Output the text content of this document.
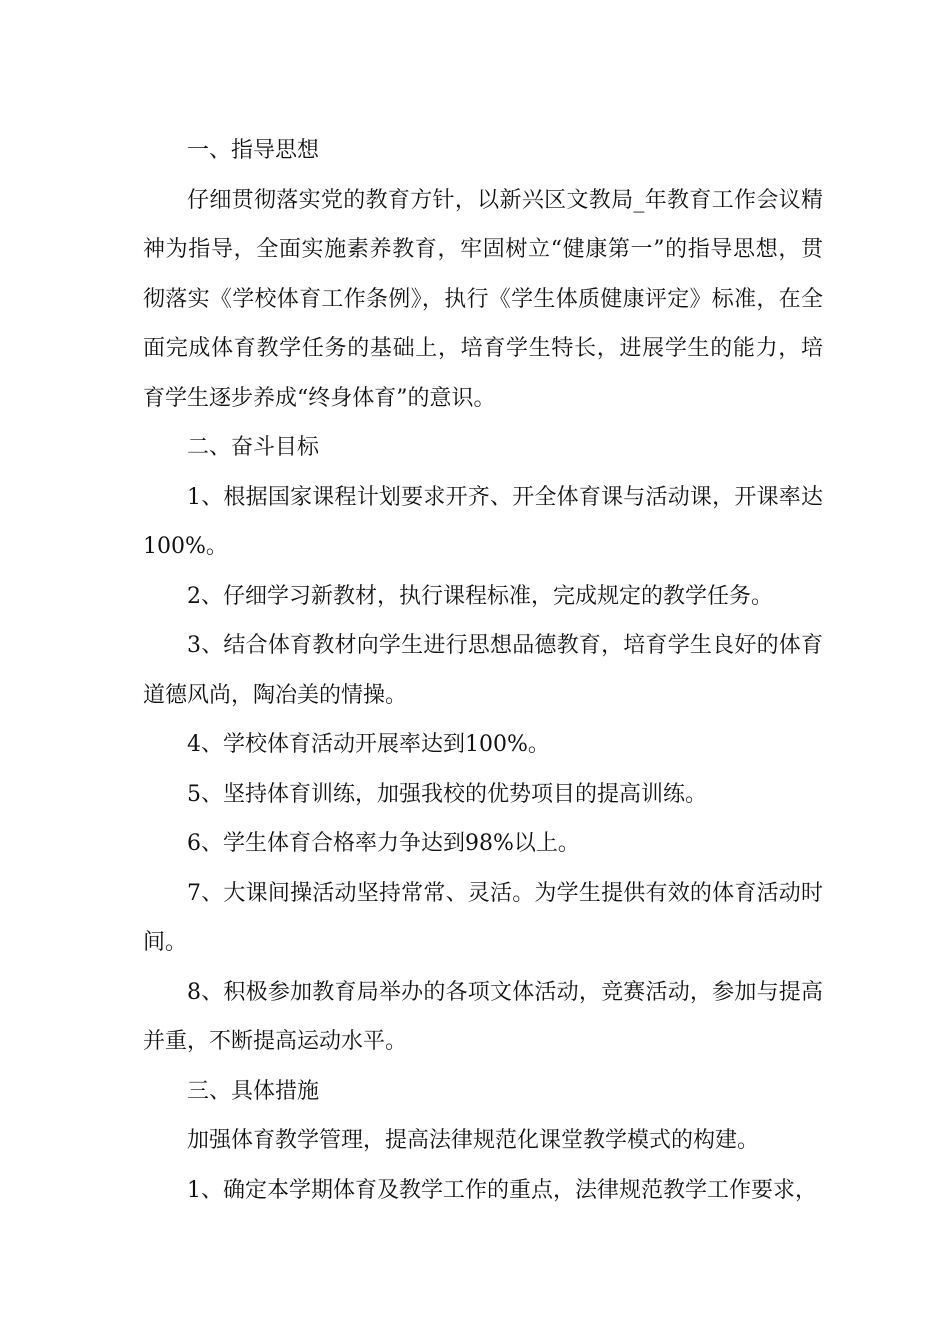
一、指导思想

仔细贯彻落实党的教育方针，以新兴区文教局_年教育工作会议精神为指导，全面实施素养教育，牢固树立“健康第一”的指导思想，贯彻落实《学校体育工作条例》，执行《学生体质健康评定》标准，在全面完成体育教学任务的基础上，培育学生特长，进展学生的能力，培育学生逐步养成“终身体育”的意识。

二、奋斗目标

1、根据国家课程计划要求开齐、开全体育课与活动课，开课率达100%。

2、仔细学习新教材，执行课程标准，完成规定的教学任务。

3、结合体育教材向学生进行思想品德教育，培育学生良好的体育道德风尚，陶冶美的情操。

4、学校体育活动开展率达到100%。

5、坚持体育训练，加强我校的优势项目的提高训练。

6、学生体育合格率力争达到98%以上。

7、大课间操活动坚持常常、灵活。为学生提供有效的体育活动时间。

8、积极参加教育局举办的各项文体活动，竞赛活动，参加与提高并重，不断提高运动水平。

三、具体措施

加强体育教学管理，提高法律规范化课堂教学模式的构建。

1、确定本学期体育及教学工作的重点，法律规范教学工作要求，
